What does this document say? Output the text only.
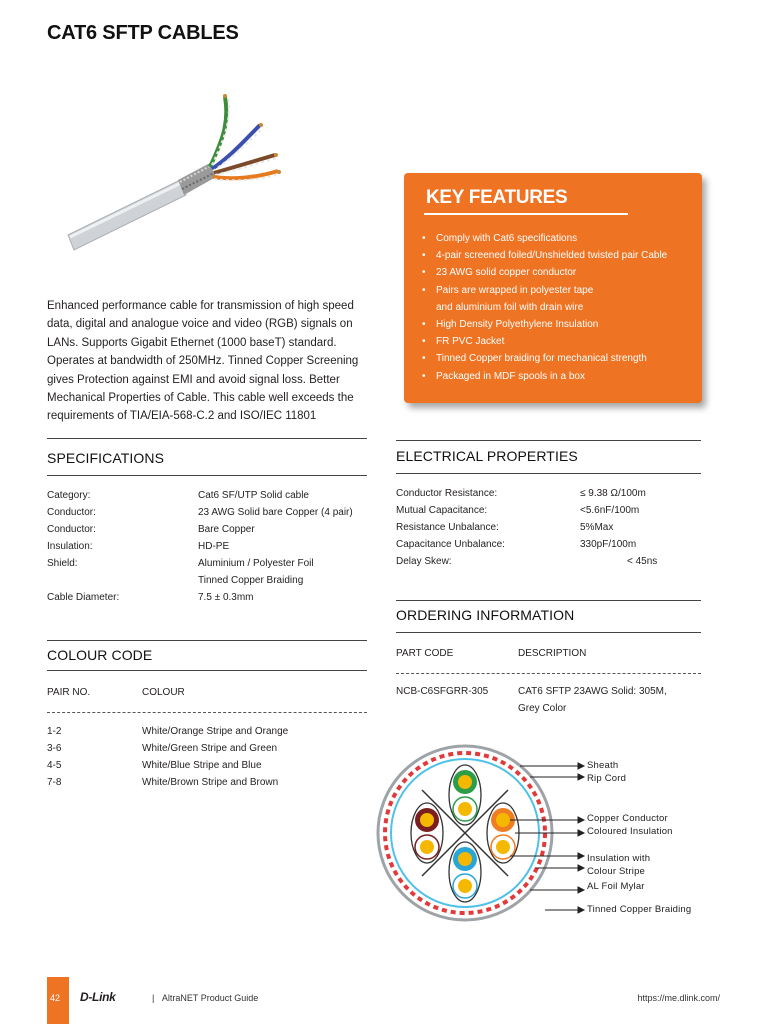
CAT6 SFTP CABLES
KEY FEATURES
• Comply with Cat6 specifications
• 4-pair screened foiled/Unshielded twisted pair Cable
• 23 AWG solid copper conductor
• Pairs are wrapped in polyester tape
and aluminium foil with drain wire
• High Density Polyethylene Insulation
• FR PVC Jacket
• Tinned Copper braiding for mechanical strength
• Packaged in MDF spools in a box

Enhanced performance cable for transmission of high speed data, digital and analogue voice and video (RGB) signals on LANs. Supports Gigabit Ethernet (1000 baseT) standard. Operates at bandwidth of 250MHz. Tinned Copper Screening gives Protection against EMI and avoid signal loss. Better Mechanical Properties of Cable. This cable well exceeds the requirements of TIA/EIA-568-C.2 and ISO/IEC 11801

SPECIFICATIONS
Category:	Cat6 SF/UTP Solid cable
Conductor:	23 AWG Solid bare Copper (4 pair)
Conductor:	Bare Copper
Insulation:	HD-PE
Shield:	Aluminium / Polyester Foil
Tinned Copper Braiding
Cable Diameter:	7.5 ± 0.3mm
ELECTRICAL PROPERTIES
Conductor Resistance:	≤ 9.38 Ω/100m
Mutual Capacitance:	<5.6nF/100m
Resistance Unbalance:	5%Max
Capacitance Unbalance:	330pF/100m
Delay Skew:	< 45ns
ORDERING INFORMATION
PART CODE	DESCRIPTION
NCB-C6SFGRR-305	CAT6 SFTP 23AWG Solid: 305M,
Grey Color
COLOUR CODE
PAIR NO.	COLOUR
1-2	White/Orange Stripe and Orange
3-6	White/Green Stripe and Green
4-5	White/Blue Stripe and Blue
7-8	White/Brown Stripe and Brown
Sheath
Rip Cord
Copper Conductor
Coloured Insulation
Insulation with
Colour Stripe
AL Foil Mylar
Tinned Copper Braiding
42 D-Link	| AltraNET Product Guide	https://me.dlink.com/
